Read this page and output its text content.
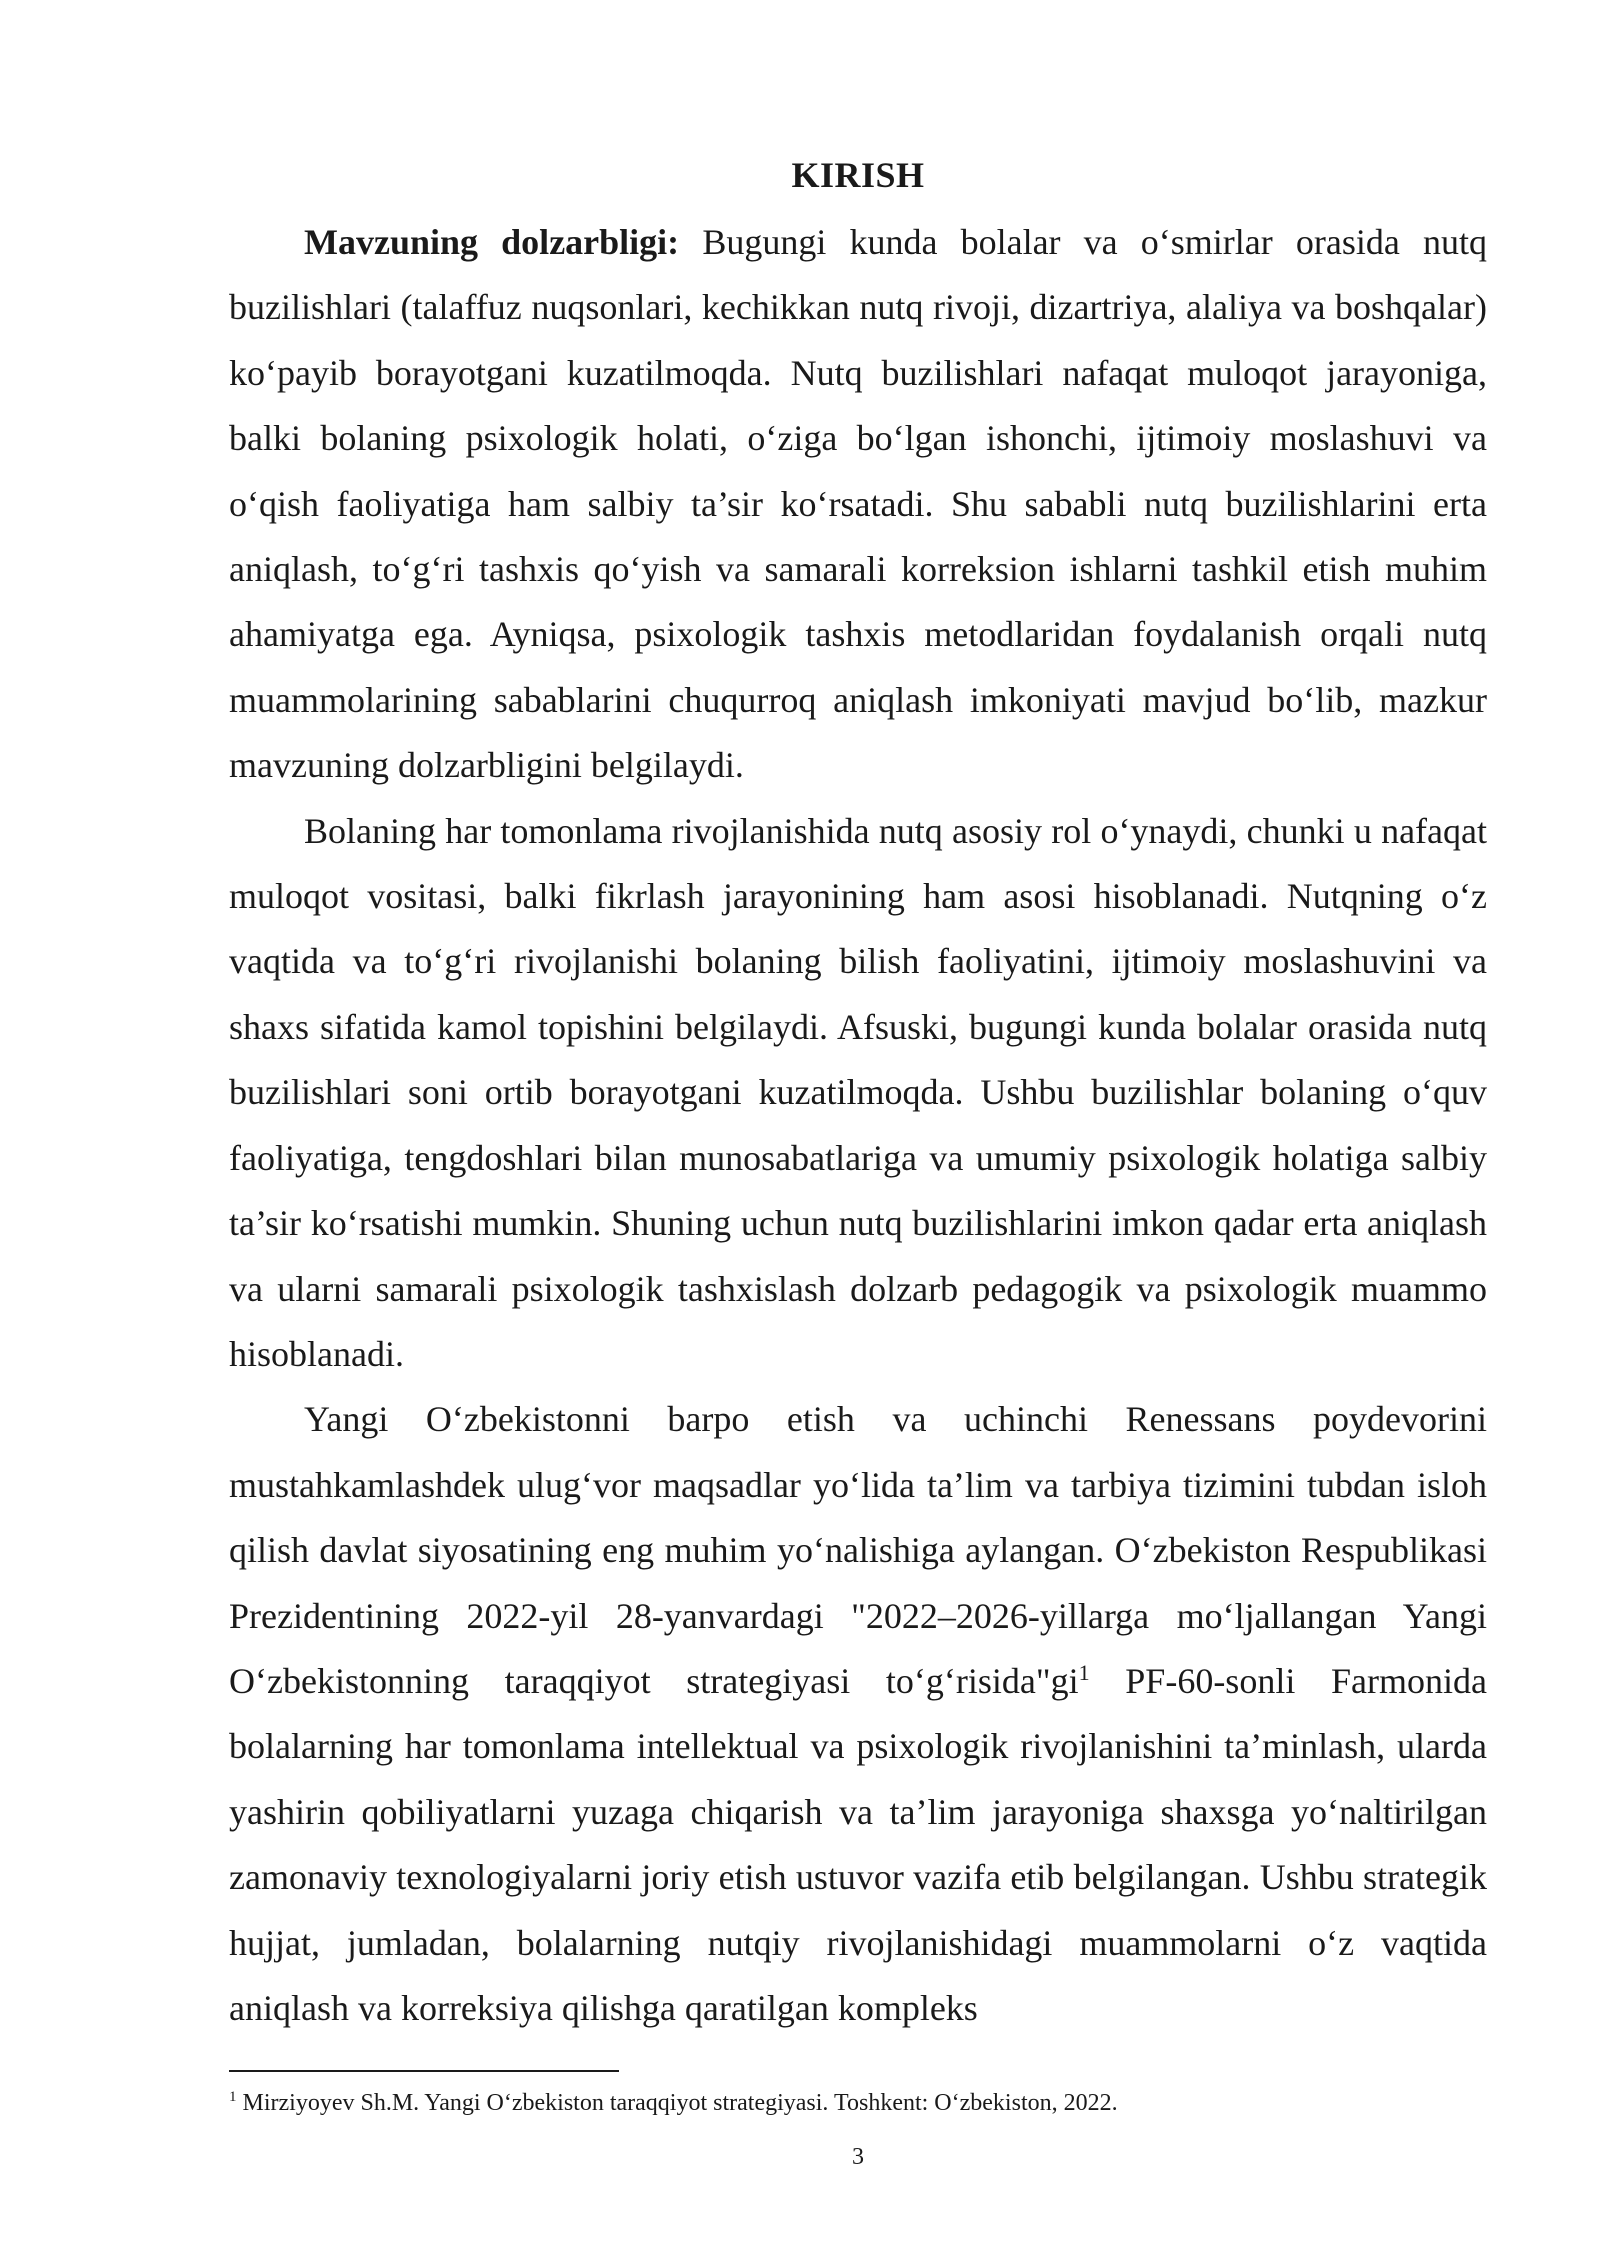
KIRISH

Mavzuning dolzarbligi: Bugungi kunda bolalar va o‘smirlar orasida nutq buzilishlari (talaffuz nuqsonlari, kechikkan nutq rivoji, dizartriya, alaliya va boshqalar) ko‘payib borayotgani kuzatilmoqda. Nutq buzilishlari nafaqat muloqot jarayoniga, balki bolaning psixologik holati, o‘ziga bo‘lgan ishonchi, ijtimoiy moslashuvi va o‘qish faoliyatiga ham salbiy ta’sir ko‘rsatadi. Shu sababli nutq buzilishlarini erta aniqlash, to‘g‘ri tashxis qo‘yish va samarali korreksion ishlarni tashkil etish muhim ahamiyatga ega. Ayniqsa, psixologik tashxis metodlaridan foydalanish orqali nutq muammolarining sabablarini chuqurroq aniqlash imkoniyati mavjud bo‘lib, mazkur mavzuning dolzarbligini belgilaydi.

Bolaning har tomonlama rivojlanishida nutq asosiy rol o‘ynaydi, chunki u nafaqat muloqot vositasi, balki fikrlash jarayonining ham asosi hisoblanadi. Nutqning o‘z vaqtida va to‘g‘ri rivojlanishi bolaning bilish faoliyatini, ijtimoiy moslashuvini va shaxs sifatida kamol topishini belgilaydi. Afsuski, bugungi kunda bolalar orasida nutq buzilishlari soni ortib borayotgani kuzatilmoqda. Ushbu buzilishlar bolaning o‘quv faoliyatiga, tengdoshlari bilan munosabatlariga va umumiy psixologik holatiga salbiy ta’sir ko‘rsatishi mumkin. Shuning uchun nutq buzilishlarini imkon qadar erta aniqlash va ularni samarali psixologik tashxislash dolzarb pedagogik va psixologik muammo hisoblanadi.

Yangi O‘zbekistonni barpo etish va uchinchi Renessans poydevorini mustahkamlashdek ulug‘vor maqsadlar yo‘lida ta’lim va tarbiya tizimini tubdan isloh qilish davlat siyosatining eng muhim yo‘nalishiga aylangan. O‘zbekiston Respublikasi Prezidentining 2022-yil 28-yanvardagi "2022–2026-yillarga mo‘ljallangan Yangi O‘zbekistonning taraqqiyot strategiyasi to‘g‘risida"gi$^1$ PF-60-sonli Farmonida bolalarning har tomonlama intellektual va psixologik rivojlanishini ta’minlash, ularda yashirin qobiliyatlarni yuzaga chiqarish va ta’lim jarayoniga shaxsga yo‘naltirilgan zamonaviy texnologiyalarni joriy etish ustuvor vazifa etib belgilangan. Ushbu strategik hujjat, jumladan, bolalarning nutqiy rivojlanishidagi muammolarni o‘z vaqtida aniqlash va korreksiya qilishga qaratilgan kompleks

$^1$ Mirziyoyev Sh.M. Yangi O‘zbekiston taraqqiyot strategiyasi. Toshkent: O‘zbekiston, 2022.
3
